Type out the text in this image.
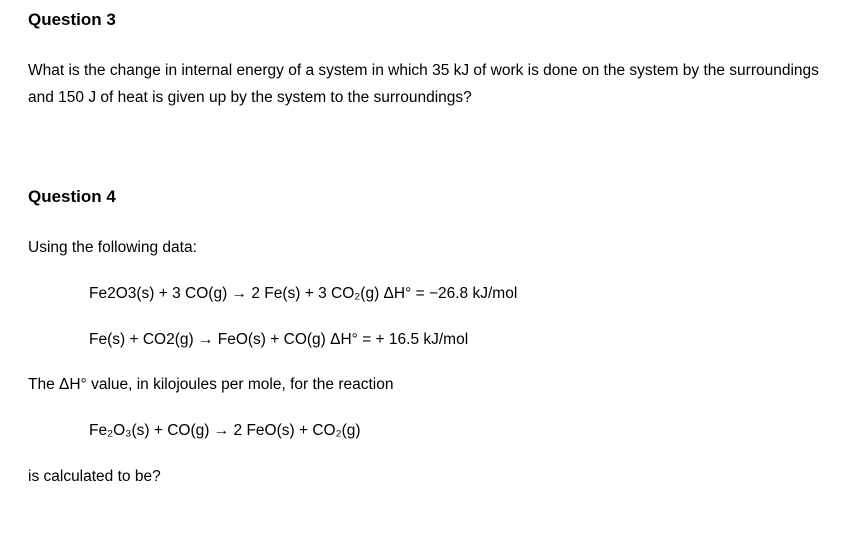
Question 3

What is the change in internal energy of a system in which 35 kJ of work is done on the system by the surroundings and 150 J of heat is given up by the system to the surroundings?

Question 4

Using the following data:

Fe2O3(s) + 3 CO(g) → 2 Fe(s) + 3 CO₂(g) ΔH° = −26.8 kJ/mol

Fe(s) + CO2(g) → FeO(s) + CO(g) ΔH° = + 16.5 kJ/mol

The ΔH° value, in kilojoules per mole, for the reaction

Fe₂O₃(s) + CO(g) → 2 FeO(s) + CO₂(g)

is calculated to be?
